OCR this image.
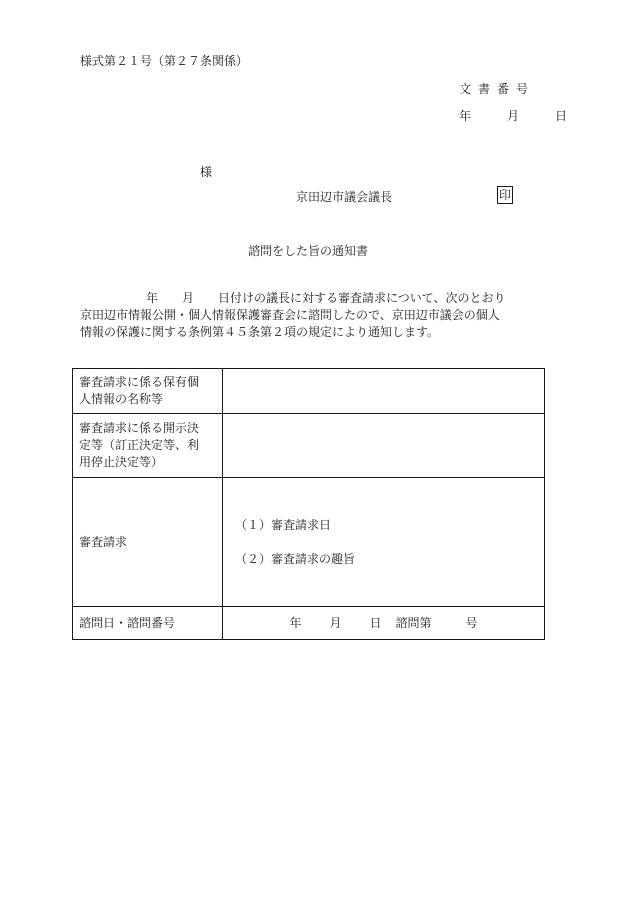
様式第２１号（第２７条関係）
文書番号
年	月	日
様
京田辺市議会議長	印
諮問をした旨の通知書
年　　月　　日付けの議長に対する審査請求について、次のとおり
京田辺市情報公開・個人情報保護審査会に諮問したので、京田辺市議会の個人
情報の保護に関する条例第４５条第２項の規定により通知します。
審査請求に係る保有個
人情報の名称等	

審査請求に係る開示決
定等（訂正決定等、利
用停止決定等）	

審査請求	（１）審査請求日
（２）審査請求の趣旨

諮問日・諮問番号	年 月 日 諮問第 号
